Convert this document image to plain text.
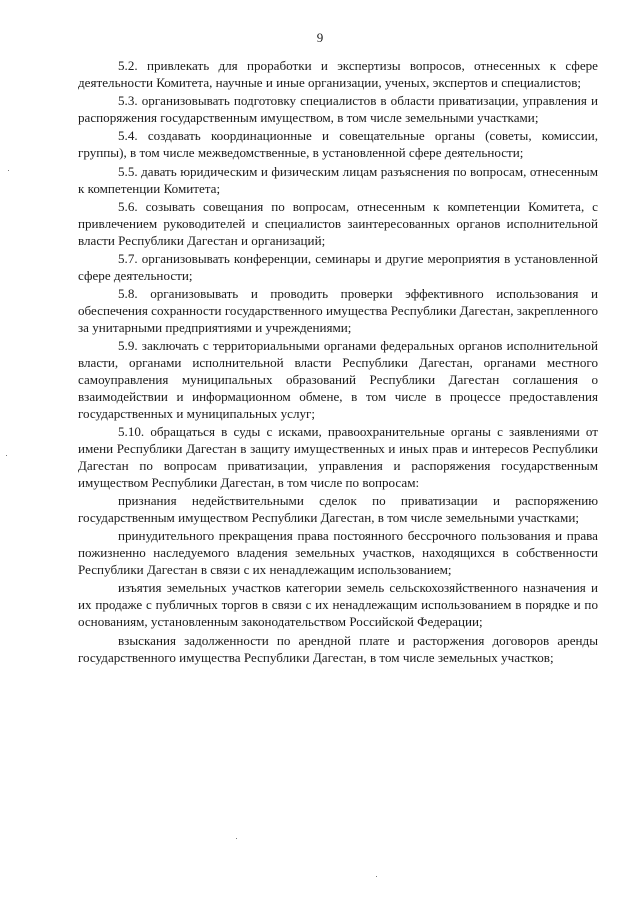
9

5.2. привлекать для проработки и экспертизы вопросов, отнесенных к сфере деятельности Комитета, научные и иные организации, ученых, экспертов и специалистов;

5.3. организовывать подготовку специалистов в области приватизации, управления и распоряжения государственным имуществом, в том числе земельными участками;

5.4. создавать координационные и совещательные органы (советы, комиссии, группы), в том числе межведомственные, в установленной сфере деятельности;

5.5. давать юридическим и физическим лицам разъяснения по вопросам, отнесенным к компетенции Комитета;

5.6. созывать совещания по вопросам, отнесенным к компетенции Комитета, с привлечением руководителей и специалистов заинтересованных органов исполнительной власти Республики Дагестан и организаций;

5.7. организовывать конференции, семинары и другие мероприятия в установленной сфере деятельности;

5.8. организовывать и проводить проверки эффективного использования и обеспечения сохранности государственного имущества Республики Дагестан, закрепленного за унитарными предприятиями и учреждениями;

5.9. заключать с территориальными органами федеральных органов исполнительной власти, органами исполнительной власти Республики Дагестан, органами местного самоуправления муниципальных образований Республики Дагестан соглашения о взаимодействии и информационном обмене, в том числе в процессе предоставления государственных и муниципальных услуг;

5.10. обращаться в суды с исками, правоохранительные органы с заявлениями от имени Республики Дагестан в защиту имущественных и иных прав и интересов Республики Дагестан по вопросам приватизации, управления и распоряжения государственным имуществом Республики Дагестан, в том числе по вопросам:

признания недействительными сделок по приватизации и распоряжению государственным имуществом Республики Дагестан, в том числе земельными участками;

принудительного прекращения права постоянного бессрочного пользования и права пожизненно наследуемого владения земельных участков, находящихся в собственности Республики Дагестан в связи с их ненадлежащим использованием;

изъятия земельных участков категории земель сельскохозяйственного назначения и их продаже с публичных торгов в связи с их ненадлежащим использованием в порядке и по основаниям, установленным законодательством Российской Федерации;

взыскания задолженности по арендной плате и расторжения договоров аренды государственного имущества Республики Дагестан, в том числе земельных участков;
